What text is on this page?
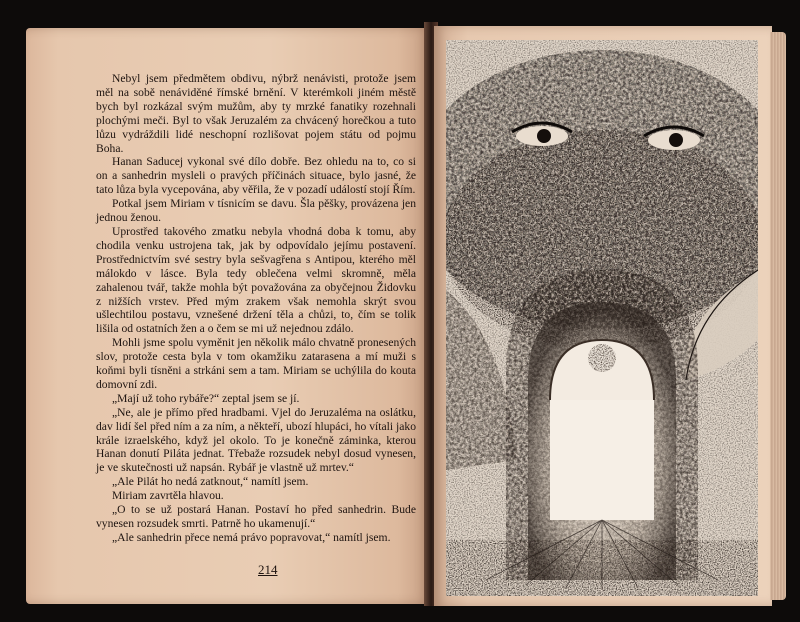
Nebyl jsem předmětem obdivu, nýbrž nenávisti, protože jsem měl na sobě nenáviděné římské brnění. V kterémkoli jiném městě bych byl rozkázal svým mužům, aby ty mrzké fanatiky rozehnali plochými meči. Byl to však Jeruzalém za chvácený horečkou a tuto lůzu vydráždili lidé neschopní rozlišovat pojem státu od pojmu Boha.

Hanan Saducej vykonal své dílo dobře. Bez ohledu na to, co si on a sanhedrin mysleli o pravých příčinách situace, bylo jasné, že tato lůza byla vycepována, aby věřila, že v pozadí událostí stojí Řím.

Potkal jsem Miriam v tísnicím se davu. Šla pěšky, provázena jen jednou ženou.

Uprostřed takového zmatku nebyla vhodná doba k tomu, aby chodila venku ustrojena tak, jak by odpovídalo jejímu postavení. Prostřednictvím své sestry byla sešvagřena s Antipou, kterého měl málokdo v lásce. Byla tedy oblečena velmi skromně, měla zahalenou tvář, takže mohla být považována za obyčejnou Židovku z nižších vrstev. Před mým zrakem však nemohla skrýt svou ušlechtilou postavu, vznešené držení těla a chůzi, to, čím se tolik lišila od ostatních žen a o čem se mi už nejednou zdálo.

Mohli jsme spolu vyměnit jen několik málo chvatně pronesených slov, protože cesta byla v tom okamžiku zatarasena a mí muži s koňmi byli tísněni a strkáni sem a tam. Miriam se uchýlila do kouta domovní zdi.

„Mají už toho rybáře?“ zeptal jsem se jí.

„Ne, ale je přímo před hradbami. Vjel do Jeruzaléma na oslátku, dav lidí šel před ním a za ním, a někteří, ubozí hlupáci, ho vítali jako krále izraelského, když jel okolo. To je konečně záminka, kterou Hanan donutí Piláta jednat. Třebaže rozsudek nebyl dosud vynesen, je ve skutečnosti už napsán. Rybář je vlastně už mrtev.“

„Ale Pilát ho nedá zatknout,“ namítl jsem.

Miriam zavrtěla hlavou.

„O to se už postará Hanan. Postaví ho před sanhedrin. Bude vynesen rozsudek smrti. Patrně ho ukamenují.“

„Ale sanhedrin přece nemá právo popravovat,“ namítl jsem.

214
